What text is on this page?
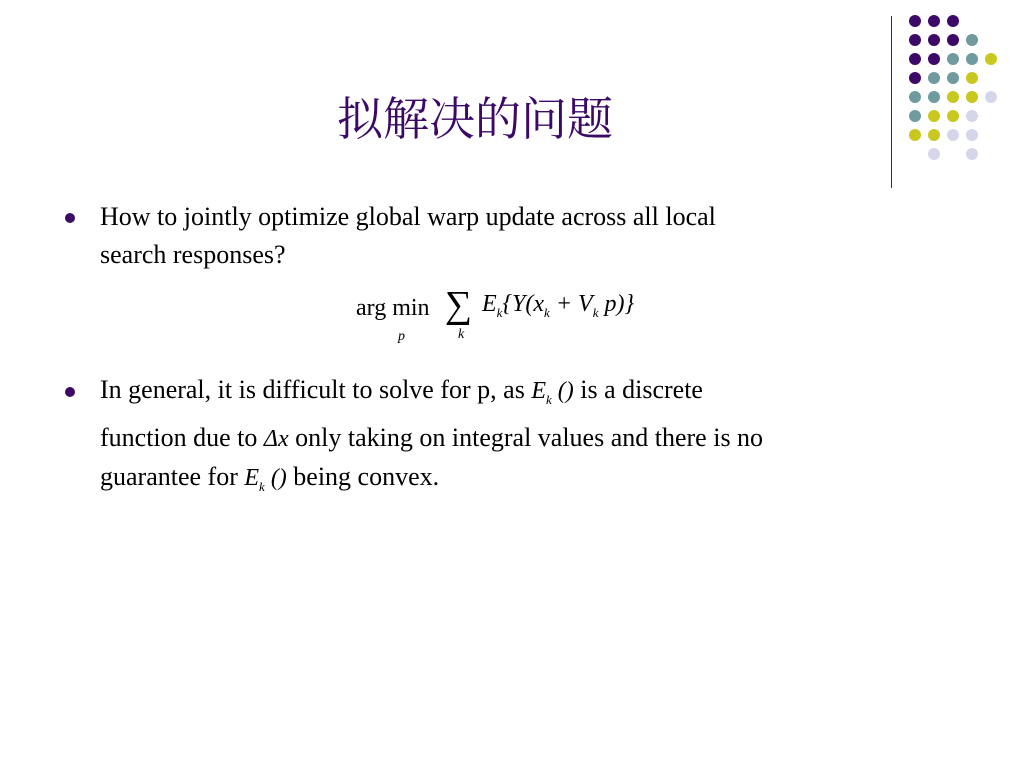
拟解决的问题
How to jointly optimize global warp update across all local
search responses?
arg min
p
∑
k
$E_k\{Y(x_k + V_k$ p)}
In general, it is difficult to solve for p, as $E_k$ () is a discrete
function due to Δx only taking on integral values and there is no
guarantee for $E_k$ () being convex.
